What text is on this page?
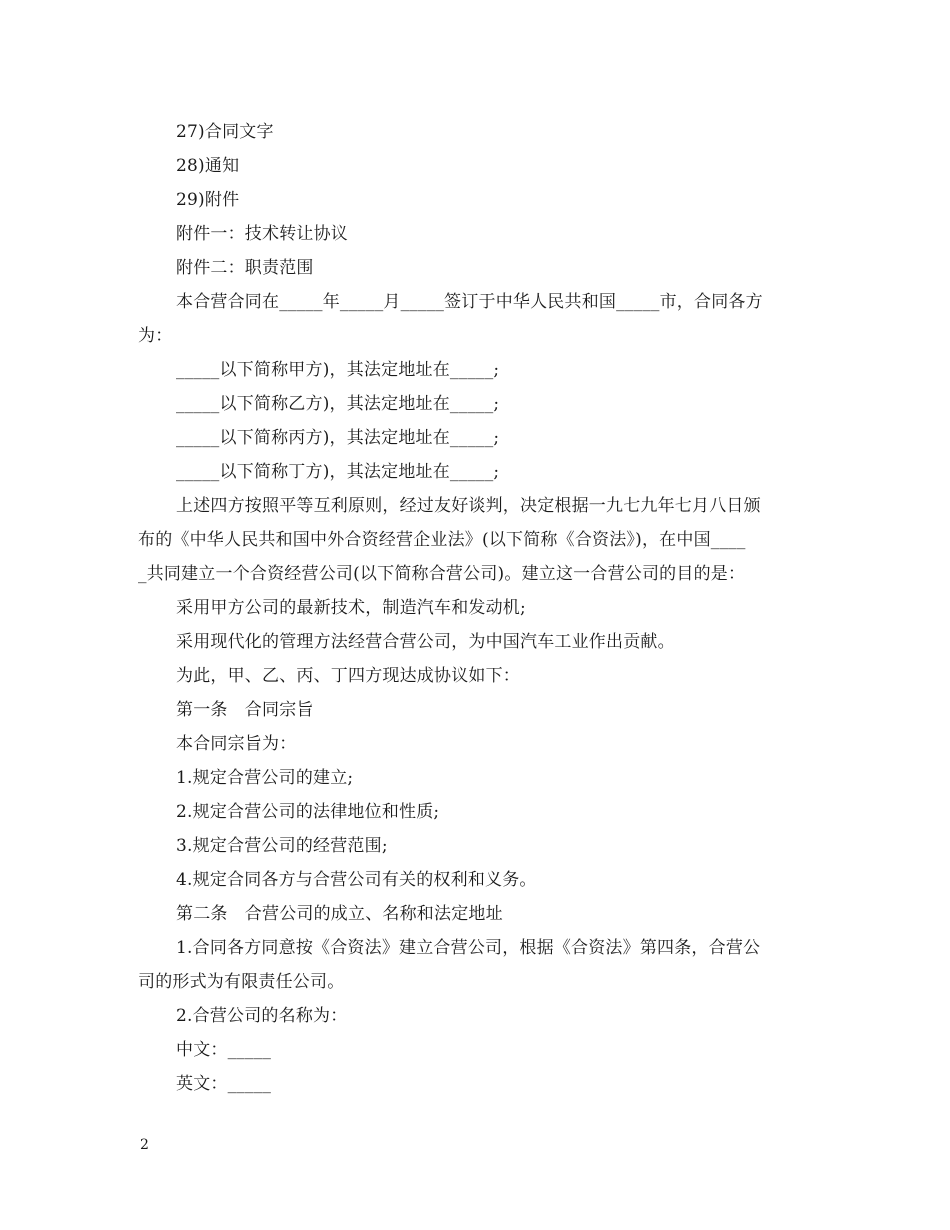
27)合同文字
28)通知
29)附件
附件一：技术转让协议
附件二：职责范围
本合营合同在_____年_____月_____签订于中华人民共和国_____市，合同各方
为：
_____以下简称甲方)，其法定地址在_____;
_____以下简称乙方)，其法定地址在_____;
_____以下简称丙方)，其法定地址在_____;
_____以下简称丁方)，其法定地址在_____;
上述四方按照平等互利原则，经过友好谈判，决定根据一九七九年七月八日颁
布的《中华人民共和国中外合资经营企业法》(以下简称《合资法》)，在中国____
_共同建立一个合资经营公司(以下简称合营公司)。建立这一合营公司的目的是：
采用甲方公司的最新技术，制造汽车和发动机;
采用现代化的管理方法经营合营公司，为中国汽车工业作出贡献。
为此，甲、乙、丙、丁四方现达成协议如下：
第一条　合同宗旨
本合同宗旨为：
1.规定合营公司的建立;
2.规定合营公司的法律地位和性质;
3.规定合营公司的经营范围;
4.规定合同各方与合营公司有关的权利和义务。
第二条　合营公司的成立、名称和法定地址
1.合同各方同意按《合资法》建立合营公司，根据《合资法》第四条，合营公
司的形式为有限责任公司。
2.合营公司的名称为：
中文：_____
英文：_____
2
